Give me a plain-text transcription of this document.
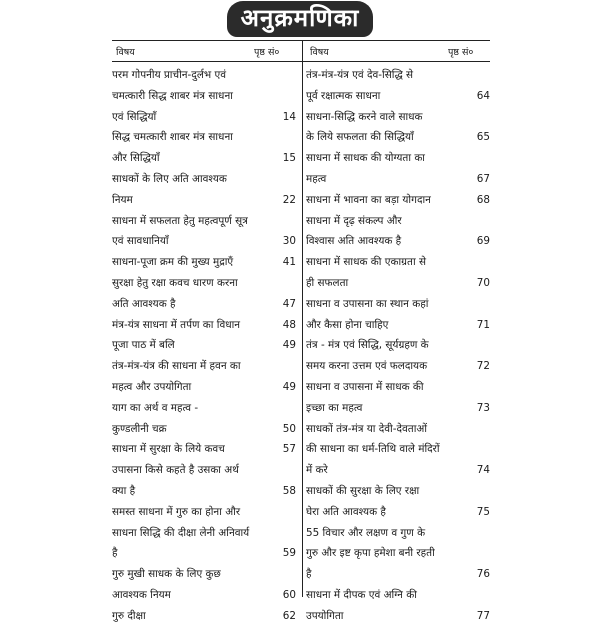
अनुक्रमणिका
विषय	पृष्ठ सं०	विषय	पृष्ठ सं०
परम गोपनीय प्राचीन-दुर्लभ एवं
चमत्कारी सिद्ध शाबर मंत्र साधना
एवं सिद्धियाँ	14
सिद्ध चमत्कारी शाबर मंत्र साधना
और सिद्धियाँ	15
साधकों के लिए अति आवश्यक
नियम	22
साधना में सफलता हेतु महत्वपूर्ण सूत्र
एवं सावधानियाँ	30
साधना-पूजा क्रम की मुख्य मुद्राएँ	41
सुरक्षा हेतु रक्षा कवच धारण करना
अति आवश्यक है	47
मंत्र-यंत्र साधना में तर्पण का विधान	48
पूजा पाठ में बलि	49
तंत्र-मंत्र-यंत्र की साधना में हवन का
महत्व और उपयोगिता	49
याग का अर्थ व महत्व -
कुण्डलीनी चक्र	50
साधना में सुरक्षा के लिये कवच	57
उपासना किसे कहते है उसका अर्थ
क्या है	58
समस्त साधना में गुरु का होना और
साधना सिद्धि की दीक्षा लेनी अनिवार्य
है	59
गुरु मुखी साधक के लिए कुछ
आवश्यक नियम	60
गुरु दीक्षा	62
तंत्र-मंत्र-यंत्र एवं देव-सिद्धि से
पूर्व रक्षात्मक साधना	64
साधना-सिद्धि करने वाले साधक
के लिये सफलता की सिद्धियाँ	65
साधना में साधक की योग्यता का
महत्व	67
साधना में भावना का बड़ा योगदान	68
साधना में दृढ़ संकल्प और
विश्वास अति आवश्यक है	69
साधना में साधक की एकाग्रता से
ही सफलता	70
साधना व उपासना का स्थान कहां
और कैसा होना चाहिए	71
तंत्र - मंत्र एवं सिद्धि, सूर्यग्रहण के
समय करना उत्तम एवं फलदायक	72
साधना व उपासना में साधक की
इच्छा का महत्व	73
साधकों तंत्र-मंत्र या देवी-देवताओं
की साधना का धर्म-तिथि वाले मंदिरों
में करे	74
साधकों की सुरक्षा के लिए रक्षा
घेरा अति आवश्यक है	75
55 विचार और लक्षण व गुण के
गुरु और इष्ट कृपा हमेशा बनी रहती
है	76
साधना में दीपक एवं अग्नि की
उपयोगिता	77
